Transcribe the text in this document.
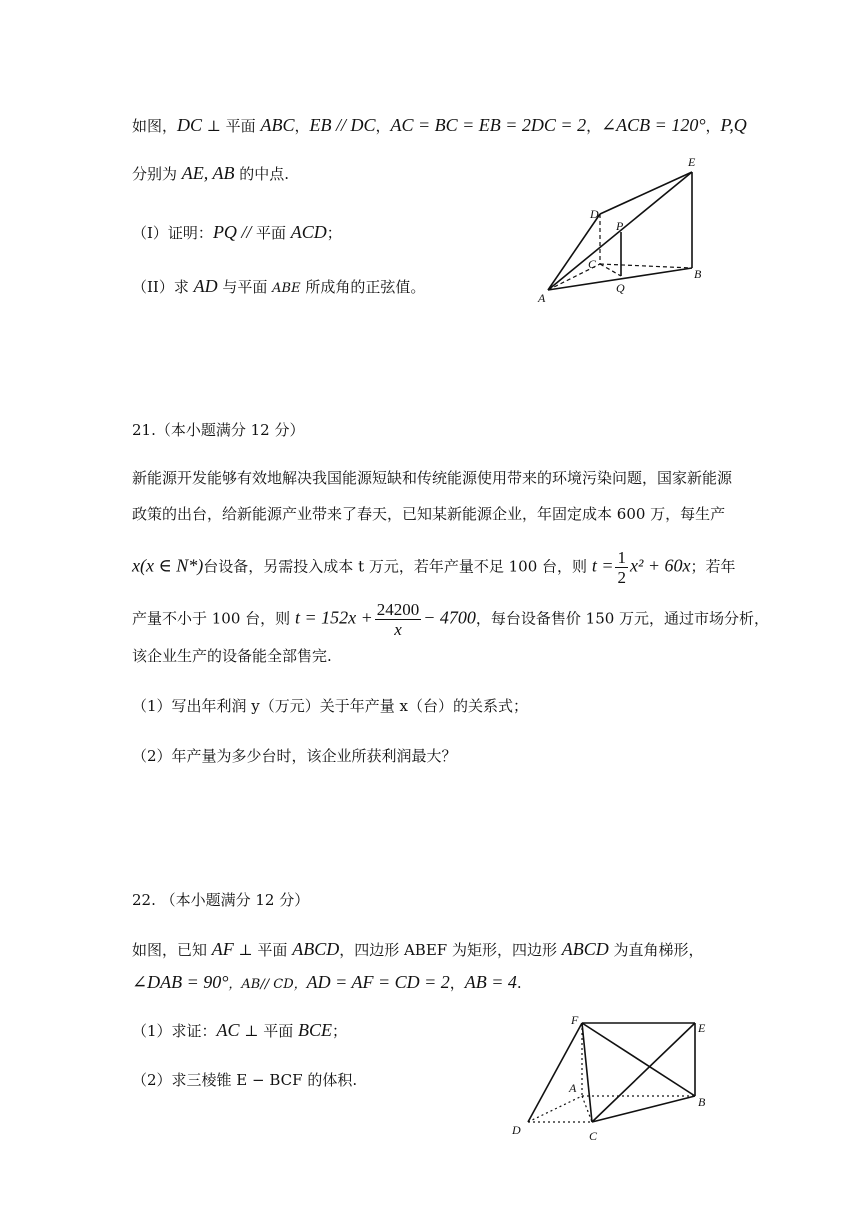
如图，DC ⊥ 平面 ABC，EB // DC，AC = BC = EB = 2DC = 2，∠ACB = 120°，P,Q
分别为 AE, AB 的中点.
（I）证明：PQ // 平面 ACD；
（II）求 AD 与平面 ABE 所成角的正弦值。
A
B
C
D
E
P
Q
21.（本小题满分 12 分）
新能源开发能够有效地解决我国能源短缺和传统能源使用带来的环境污染问题，国家新能源
政策的出台，给新能源产业带来了春天，已知某新能源企业，年固定成本 600 万，每生产
x(x ∈ N*)台设备，另需投入成本 t 万元，若年产量不足 100 台，则 $t = \frac{1}{2} x^2 + 60x$；若年
产量不小于 100 台，则 $t = 152x + \frac{24200}{x} - 4700$，每台设备售价 150 万元，通过市场分析，
该企业生产的设备能全部售完.
（1）写出年利润 y（万元）关于年产量 x（台）的关系式；
（2）年产量为多少台时，该企业所获利润最大？
22. （本小题满分 12 分）
如图，已知 AF ⊥ 平面 ABCD，四边形 ABEF 为矩形，四边形 ABCD 为直角梯形，
∠DAB = 90°，AB// CD，AD = AF = CD = 2，AB = 4.
（1）求证：AC ⊥ 平面 BCE；
（2）求三棱锥 E − BCF 的体积.	A
B
C
D
E
F
